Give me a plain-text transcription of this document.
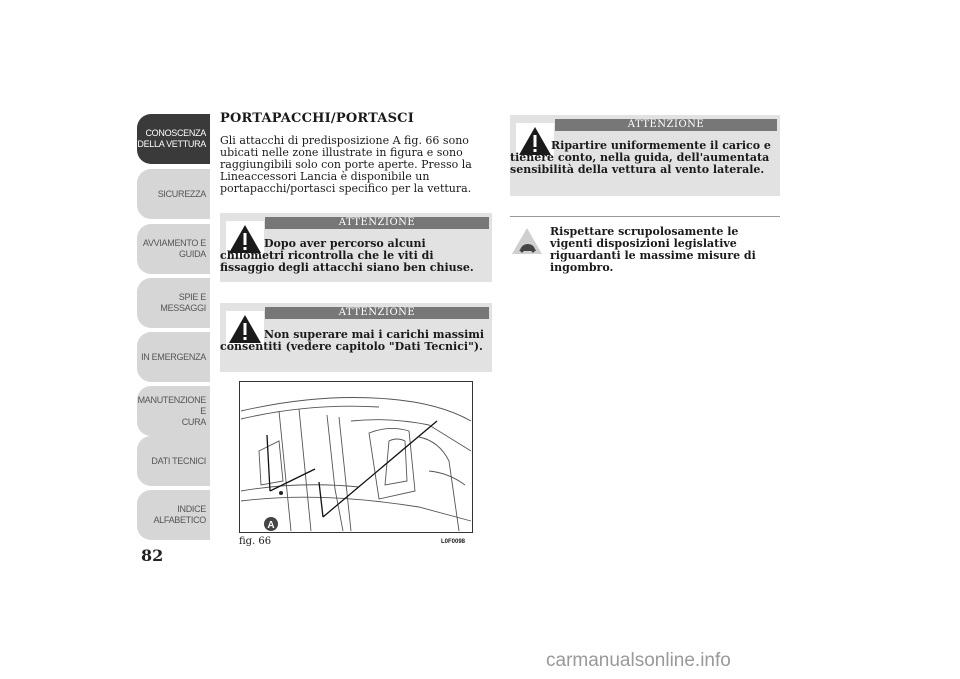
CONOSCENZA
DELLA VETTURA
SICUREZZA
AVVIAMENTO E
GUIDA
SPIE E MESSAGGI
IN EMERGENZA
MANUTENZIONE E
CURA
DATI TECNICI
INDICE
ALFABETICO
82
PORTAPACCHI/PORTASCI
Gli attacchi di predisposizione A fig. 66 sono ubicati nelle zone illustrate in figura e sono raggiungibili solo con porte aperte. Presso la Lineaccessori Lancia è disponibile un portapacchi/portasci specifico per la vettura.
ATTENZIONE
Dopo aver percorso alcuni chilometri ricontrolla che le viti di fissaggio degli attacchi siano ben chiuse.
ATTENZIONE
Non superare mai i carichi massimi consentiti (vedere capitolo "Dati Tecnici").
A
fig. 66	L0F0098
ATTENZIONE
Ripartire uniformemente il carico e tienere conto, nella guida, dell'aumentata sensibilità della vettura al vento laterale.
Rispettare scrupolosamente le vigenti disposizioni legislative riguardanti le massime misure di ingombro.
carmanualsonline.info
